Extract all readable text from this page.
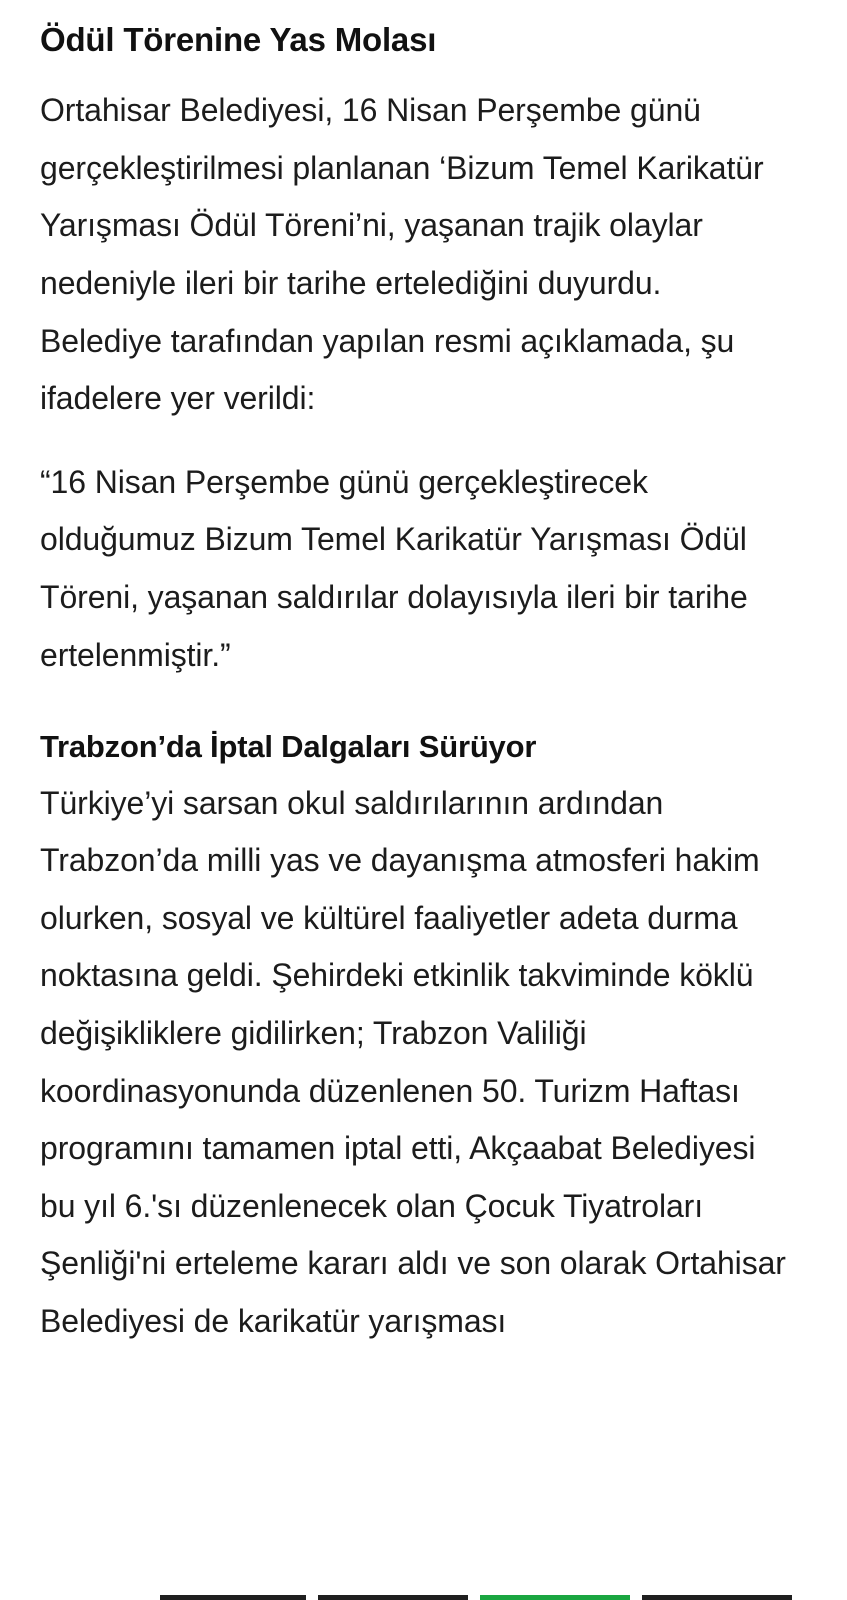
Ödül Törenine Yas Molası

Ortahisar Belediyesi, 16 Nisan Perşembe günü gerçekleştirilmesi planlanan ‘Bizum Temel Karikatür Yarışması Ödül Töreni’ni, yaşanan trajik olaylar nedeniyle ileri bir tarihe ertelediğini duyurdu. Belediye tarafından yapılan resmi açıklamada, şu ifadelere yer verildi:

“16 Nisan Perşembe günü gerçekleştirecek olduğumuz Bizum Temel Karikatür Yarışması Ödül Töreni, yaşanan saldırılar dolayısıyla ileri bir tarihe ertelenmiştir.”

Trabzon’da İptal Dalgaları Sürüyor

Türkiye’yi sarsan okul saldırılarının ardından Trabzon’da milli yas ve dayanışma atmosferi hakim olurken, sosyal ve kültürel faaliyetler adeta durma noktasına geldi. Şehirdeki etkinlik takviminde köklü değişikliklere gidilirken; Trabzon Valiliği koordinasyonunda düzenlenen 50. Turizm Haftası programını tamamen iptal etti, Akçaabat Belediyesi bu yıl 6.'sı düzenlenecek olan Çocuk Tiyatroları Şenliği'ni erteleme kararı aldı ve son olarak Ortahisar Belediyesi de karikatür yarışması
